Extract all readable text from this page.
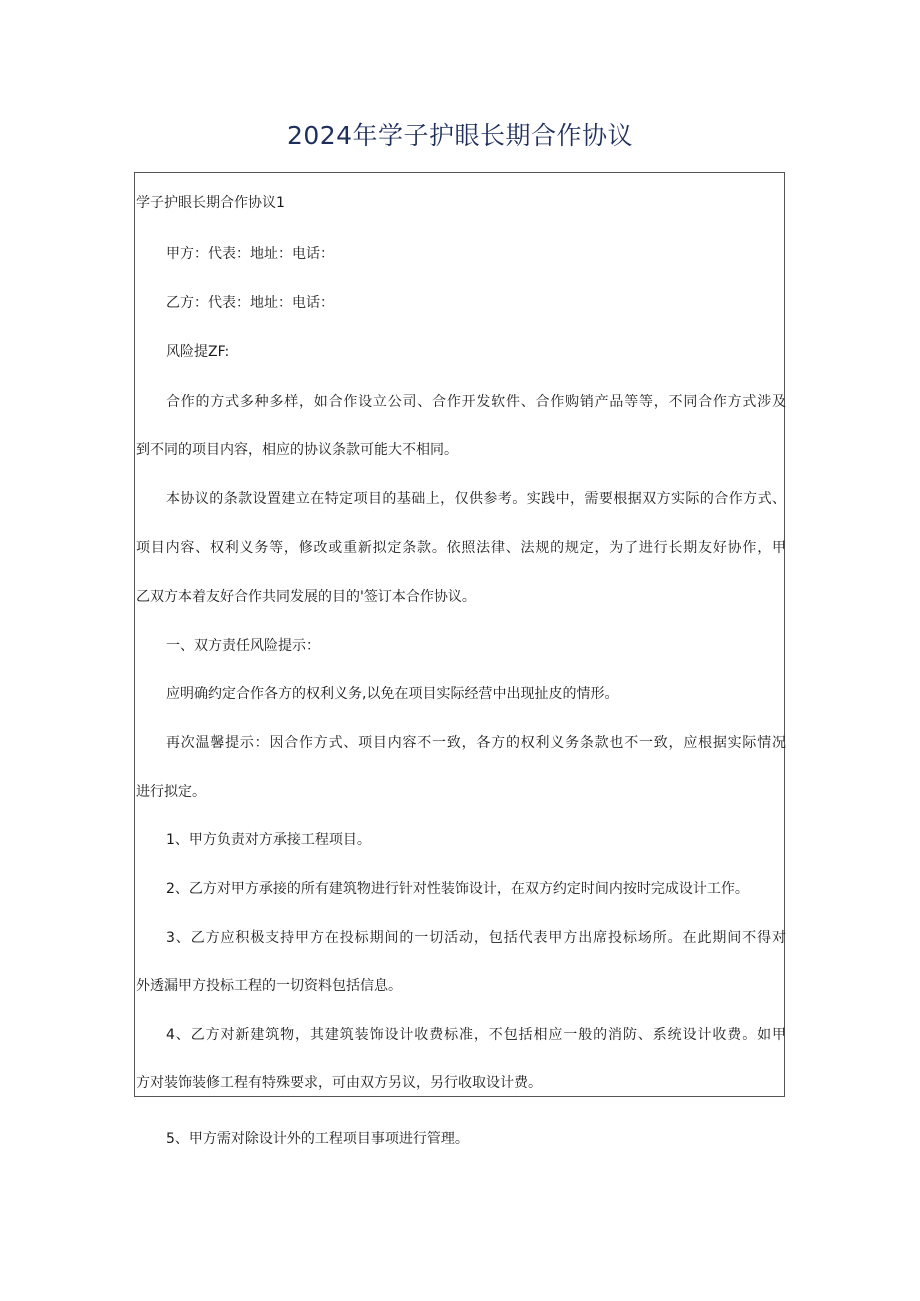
2024年学子护眼长期合作协议
学子护眼长期合作协议1
甲方：代表：地址：电话：
乙方：代表：地址：电话：
风险提ZF:
合作的方式多种多样，如合作设立公司、合作开发软件、合作购销产品等等，不同合作方式涉及
到不同的项目内容，相应的协议条款可能大不相同。
本协议的条款设置建立在特定项目的基础上，仅供参考。实践中，需要根据双方实际的合作方式、
项目内容、权利义务等，修改或重新拟定条款。依照法律、法规的规定，为了进行长期友好协作，甲
乙双方本着友好合作共同发展的目的'签订本合作协议。
一、双方责任风险提示：
应明确约定合作各方的权利义务,以免在项目实际经营中出现扯皮的情形。
再次温馨提示：因合作方式、项目内容不一致，各方的权利义务条款也不一致，应根据实际情况
进行拟定。
1、甲方负责对方承接工程项目。
2、乙方对甲方承接的所有建筑物进行针对性装饰设计，在双方约定时间内按时完成设计工作。
3、乙方应积极支持甲方在投标期间的一切活动，包括代表甲方出席投标场所。在此期间不得对
外透漏甲方投标工程的一切资料包括信息。
4、乙方对新建筑物，其建筑装饰设计收费标准，不包括相应一般的消防、系统设计收费。如甲
方对装饰装修工程有特殊要求，可由双方另议，另行收取设计费。
5、甲方需对除设计外的工程项目事项进行管理。
